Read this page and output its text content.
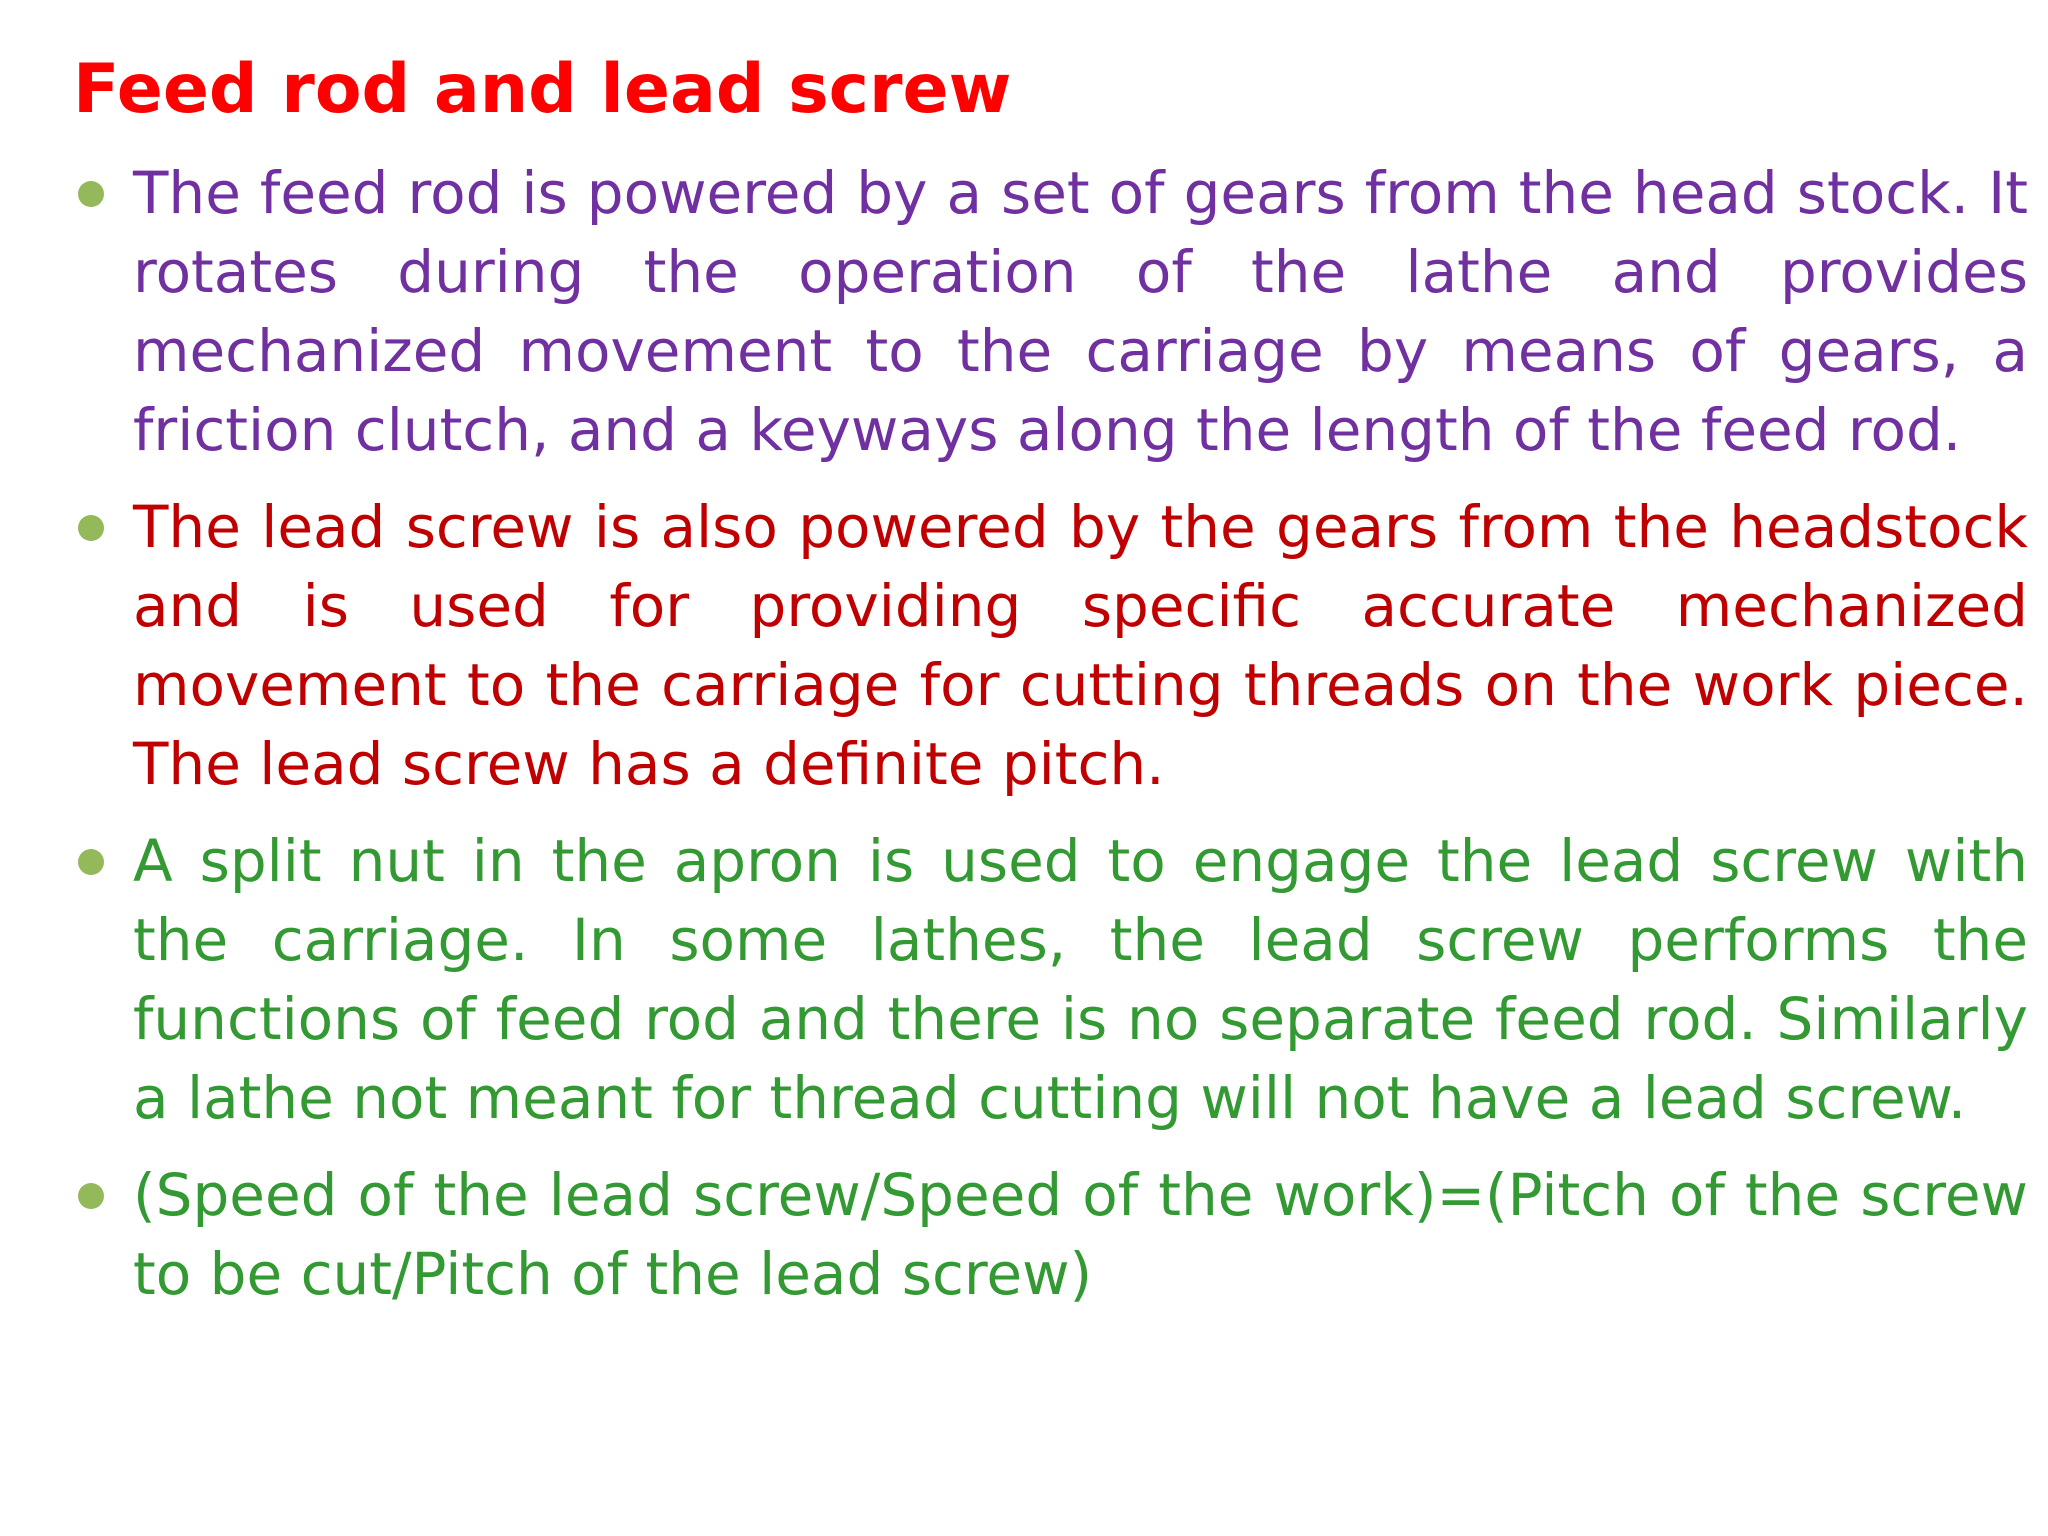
Feed rod and lead screw
The feed rod is powered by a set of gears from the head stock. It rotates during the operation of the lathe and provides mechanized movement to the carriage by means of gears, a friction clutch, and a keyways along the length of the feed rod.
The lead screw is also powered by the gears from the headstock and is used for providing specific accurate mechanized movement to the carriage for cutting threads on the work piece. The lead screw has a definite pitch.
A split nut in the apron is used to engage the lead screw with the carriage. In some lathes, the lead screw performs the functions of feed rod and there is no separate feed rod. Similarly a lathe not meant for thread cutting will not have a lead screw.
(Speed of the lead screw/Speed of the work)=(Pitch of the screw to be cut/Pitch of the lead screw)
